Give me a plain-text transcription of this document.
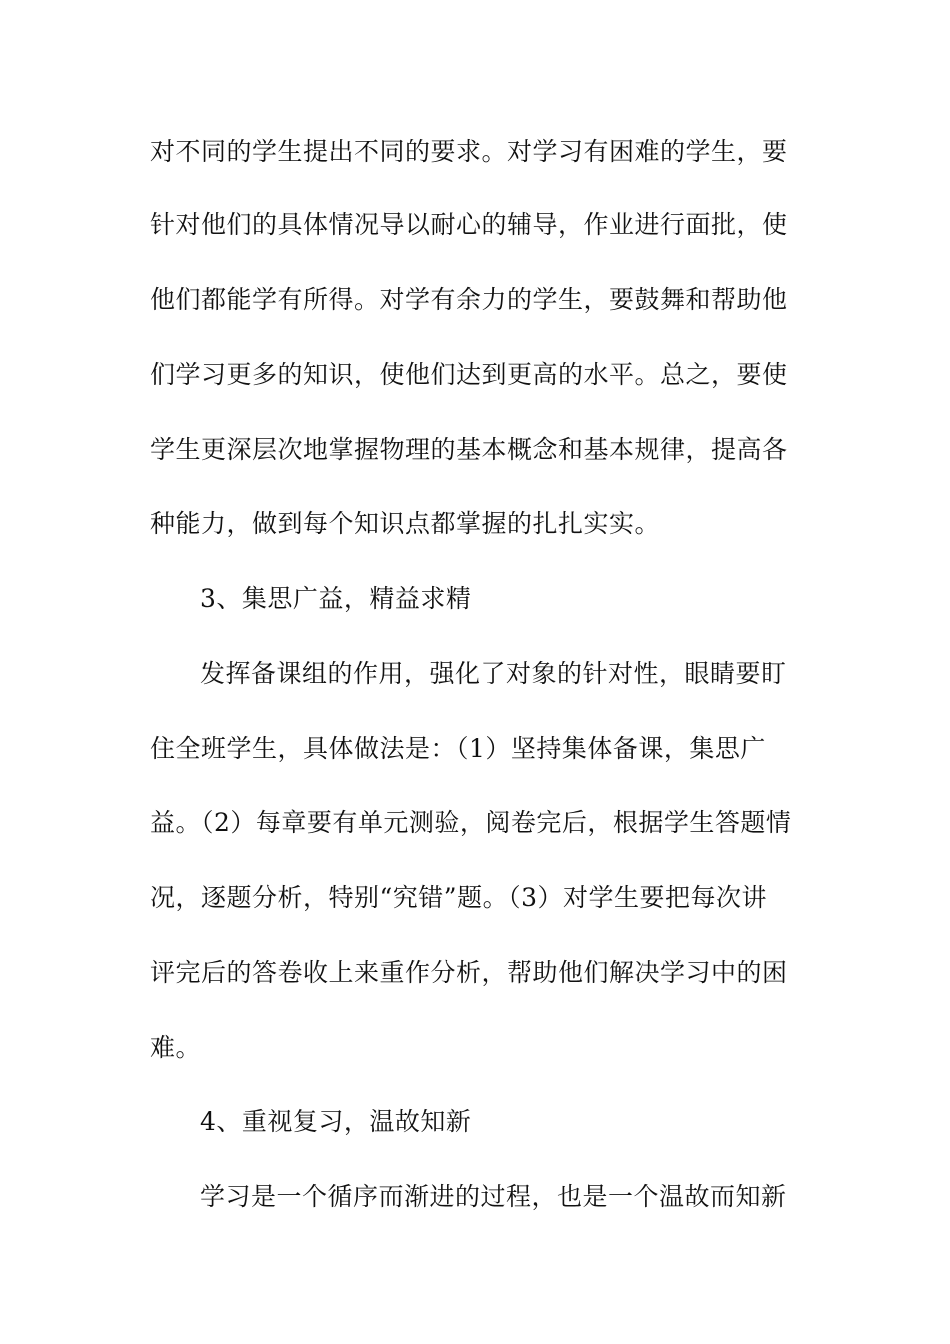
对不同的学生提出不同的要求。对学习有困难的学生，要
针对他们的具体情况导以耐心的辅导，作业进行面批，使
他们都能学有所得。对学有余力的学生，要鼓舞和帮助他
们学习更多的知识，使他们达到更高的水平。总之，要使
学生更深层次地掌握物理的基本概念和基本规律，提高各
种能力，做到每个知识点都掌握的扎扎实实。
3、集思广益，精益求精
发挥备课组的作用，强化了对象的针对性，眼睛要盯
住全班学生，具体做法是：（1）坚持集体备课，集思广
益。（2）每章要有单元测验，阅卷完后，根据学生答题情
况，逐题分析，特别“究错”题。（3）对学生要把每次讲
评完后的答卷收上来重作分析，帮助他们解决学习中的困
难。
4、重视复习，温故知新
学习是一个循序而渐进的过程，也是一个温故而知新
